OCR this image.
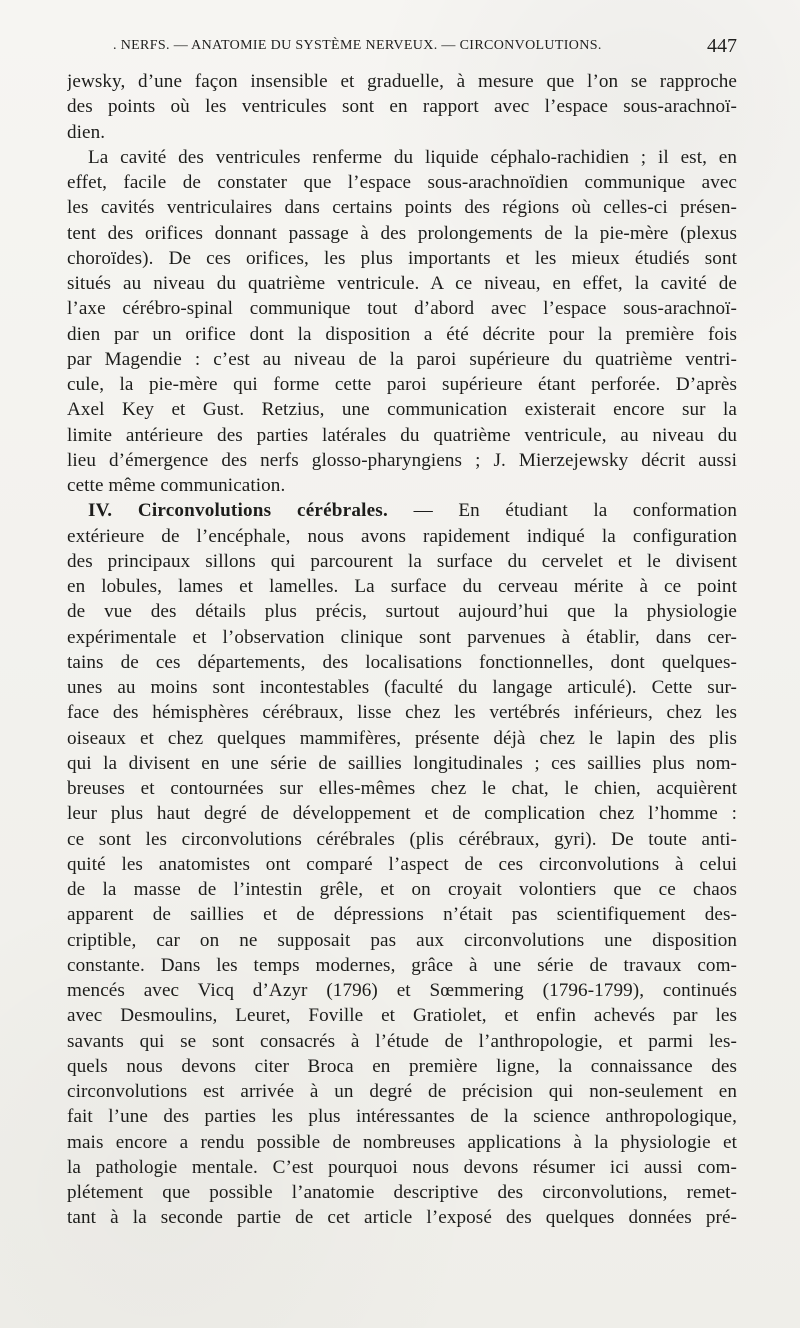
. NERFS. — ANATOMIE DU SYSTÈME NERVEUX. — CIRCONVOLUTIONS.	447
jewsky, d’une façon insensible et graduelle, à mesure que l’on se rapproche
des points où les ventricules sont en rapport avec l’espace sous-arachnoï-
dien.
La cavité des ventricules renferme du liquide céphalo-rachidien ; il est, en
effet, facile de constater que l’espace sous-arachnoïdien communique avec
les cavités ventriculaires dans certains points des régions où celles-ci présen-
tent des orifices donnant passage à des prolongements de la pie-mère (plexus
choroïdes). De ces orifices, les plus importants et les mieux étudiés sont
situés au niveau du quatrième ventricule. A ce niveau, en effet, la cavité de
l’axe cérébro-spinal communique tout d’abord avec l’espace sous-arachnoï-
dien par un orifice dont la disposition a été décrite pour la première fois
par Magendie : c’est au niveau de la paroi supérieure du quatrième ventri-
cule, la pie-mère qui forme cette paroi supérieure étant perforée. D’après
Axel Key et Gust. Retzius, une communication existerait encore sur la
limite antérieure des parties latérales du quatrième ventricule, au niveau du
lieu d’émergence des nerfs glosso-pharyngiens ; J. Mierzejewsky décrit aussi
cette même communication.
IV. Circonvolutions cérébrales. — En étudiant la conformation
extérieure de l’encéphale, nous avons rapidement indiqué la configuration
des principaux sillons qui parcourent la surface du cervelet et le divisent
en lobules, lames et lamelles. La surface du cerveau mérite à ce point
de vue des détails plus précis, surtout aujourd’hui que la physiologie
expérimentale et l’observation clinique sont parvenues à établir, dans cer-
tains de ces départements, des localisations fonctionnelles, dont quelques-
unes au moins sont incontestables (faculté du langage articulé). Cette sur-
face des hémisphères cérébraux, lisse chez les vertébrés inférieurs, chez les
oiseaux et chez quelques mammifères, présente déjà chez le lapin des plis
qui la divisent en une série de saillies longitudinales ; ces saillies plus nom-
breuses et contournées sur elles-mêmes chez le chat, le chien, acquièrent
leur plus haut degré de développement et de complication chez l’homme :
ce sont les circonvolutions cérébrales (plis cérébraux, gyri). De toute anti-
quité les anatomistes ont comparé l’aspect de ces circonvolutions à celui
de la masse de l’intestin grêle, et on croyait volontiers que ce chaos
apparent de saillies et de dépressions n’était pas scientifiquement des-
criptible, car on ne supposait pas aux circonvolutions une disposition
constante. Dans les temps modernes, grâce à une série de travaux com-
mencés avec Vicq d’Azyr (1796) et Sœmmering (1796-1799), continués
avec Desmoulins, Leuret, Foville et Gratiolet, et enfin achevés par les
savants qui se sont consacrés à l’étude de l’anthropologie, et parmi les-
quels nous devons citer Broca en première ligne, la connaissance des
circonvolutions est arrivée à un degré de précision qui non-seulement en
fait l’une des parties les plus intéressantes de la science anthropologique,
mais encore a rendu possible de nombreuses applications à la physiologie et
la pathologie mentale. C’est pourquoi nous devons résumer ici aussi com-
plétement que possible l’anatomie descriptive des circonvolutions, remet-
tant à la seconde partie de cet article l’exposé des quelques données pré-
